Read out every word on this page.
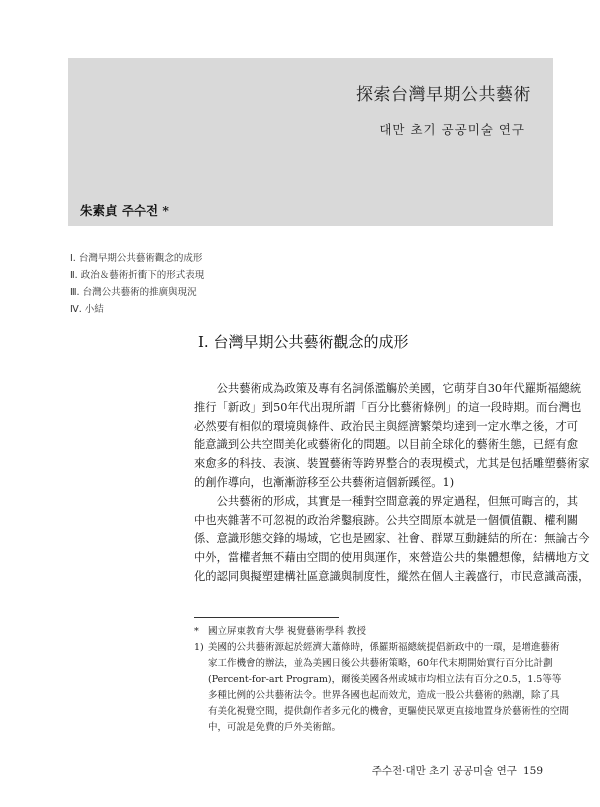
探索台灣早期公共藝術
대만 초기 공공미술 연구
朱素貞 주수전 *
Ⅰ. 台灣早期公共藝術觀念的成形
Ⅱ. 政治＆藝術折衝下的形式表現
Ⅲ. 台灣公共藝術的推廣與現況
Ⅳ. 小結
Ⅰ. 台灣早期公共藝術觀念的成形

　　公共藝術成為政策及專有名詞係濫觴於美國，它萌芽自30年代羅斯福總統

推行「新政」到50年代出現所謂「百分比藝術條例」的這一段時期。而台灣也

必然要有相似的環境與條件、政治民主與經濟繁榮均達到一定水準之後，才可

能意識到公共空間美化或藝術化的問題。以目前全球化的藝術生態，已經有愈

來愈多的科技、表演、裝置藝術等跨界整合的表現模式，尤其是包括雕塑藝術家

的創作導向，也漸漸游移至公共藝術這個新蹊徑。1)

　　公共藝術的形成，其實是一種對空間意義的界定過程，但無可晦言的，其

中也夾雜著不可忽視的政治斧鑿痕跡。公共空間原本就是一個價值觀、權利關

係、意識形態交鋒的場域，它也是國家、社會、群眾互動鏈結的所在：無論古今

中外，當權者無不藉由空間的使用與運作，來營造公共的集體想像，結構地方文

化的認同與擬塑建構社區意識與制度性，縱然在個人主義盛行，市民意識高漲，

* 國立屏東教育大學 視覺藝術學科 教授
1) 美國的公共藝術源起於經濟大蕭條時，係羅斯福總統提倡新政中的一環，是增進藝術
家工作機會的辦法，並為美國日後公共藝術策略，60年代末期開始實行百分比計劃
(Percent-for-art Program)，爾後美國各州或城市均相立法有百分之0.5，1.5等等
多種比例的公共藝術法令。世界各國也起而效尤，造成一股公共藝術的熱潮，除了具
有美化視覺空間，提供創作者多元化的機會，更驅使民眾更直接地置身於藝術性的空間
中，可說是免費的戶外美術館。
주수전·대만 초기 공공미술 연구 159
